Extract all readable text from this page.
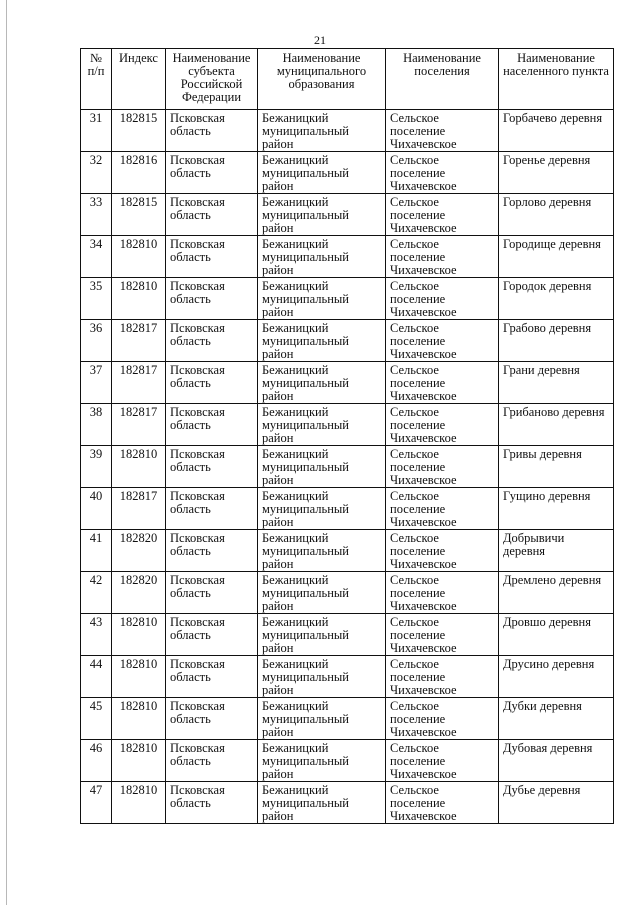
21
№ п/п	Индекс	Наименование субъекта Российской Федерации	Наименование муниципального образования	Наименование поселения	Наименование населенного пункта
31	182815	Псковская область	Бежаницкий муниципальный район	Сельское поселение Чихачевское	Горбачево деревня
32	182816	Псковская область	Бежаницкий муниципальный район	Сельское поселение Чихачевское	Горенье деревня
33	182815	Псковская область	Бежаницкий муниципальный район	Сельское поселение Чихачевское	Горлово деревня
34	182810	Псковская область	Бежаницкий муниципальный район	Сельское поселение Чихачевское	Городище деревня
35	182810	Псковская область	Бежаницкий муниципальный район	Сельское поселение Чихачевское	Городок деревня
36	182817	Псковская область	Бежаницкий муниципальный район	Сельское поселение Чихачевское	Грабово деревня
37	182817	Псковская область	Бежаницкий муниципальный район	Сельское поселение Чихачевское	Грани деревня
38	182817	Псковская область	Бежаницкий муниципальный район	Сельское поселение Чихачевское	Грибаново деревня
39	182810	Псковская область	Бежаницкий муниципальный район	Сельское поселение Чихачевское	Гривы деревня
40	182817	Псковская область	Бежаницкий муниципальный район	Сельское поселение Чихачевское	Гущино деревня
41	182820	Псковская область	Бежаницкий муниципальный район	Сельское поселение Чихачевское	Добрывичи деревня
42	182820	Псковская область	Бежаницкий муниципальный район	Сельское поселение Чихачевское	Дремлено деревня
43	182810	Псковская область	Бежаницкий муниципальный район	Сельское поселение Чихачевское	Дровшо деревня
44	182810	Псковская область	Бежаницкий муниципальный район	Сельское поселение Чихачевское	Друсино деревня
45	182810	Псковская область	Бежаницкий муниципальный район	Сельское поселение Чихачевское	Дубки деревня
46	182810	Псковская область	Бежаницкий муниципальный район	Сельское поселение Чихачевское	Дубовая деревня
47	182810	Псковская область	Бежаницкий муниципальный район	Сельское поселение Чихачевское	Дубье деревня
